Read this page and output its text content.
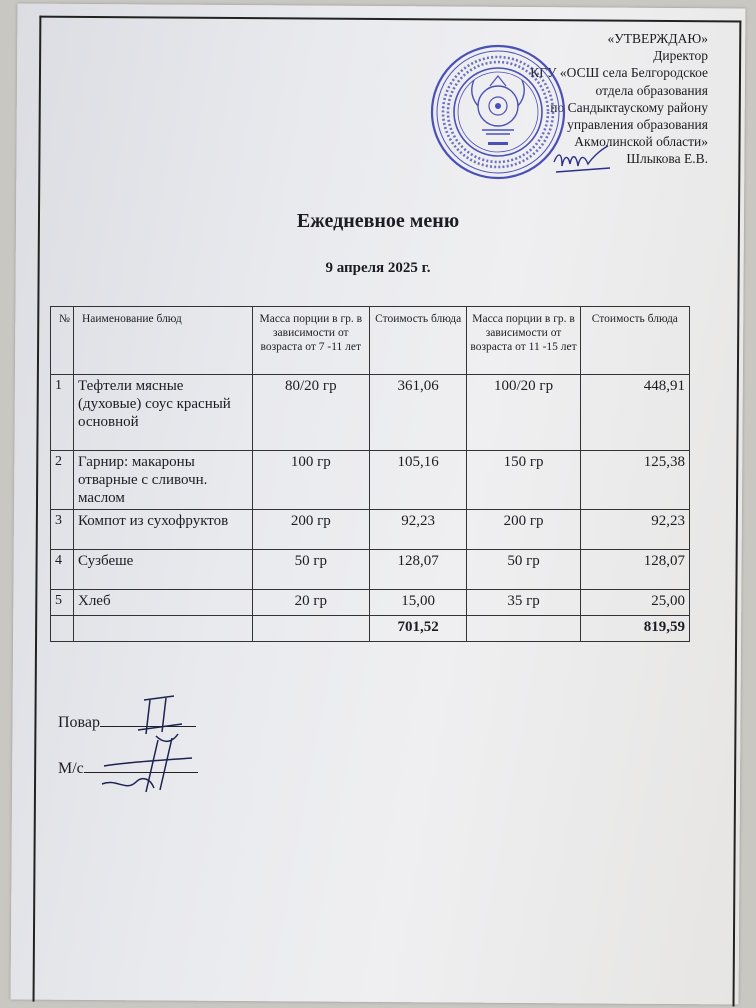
«УТВЕРЖДАЮ»
Директор
КГУ «ОСШ села Белгородское
отдела образования
по Сандыктаускому району
управления образования
Акмолинской области»
Шлыкова Е.В.
Ежедневное меню
9 апреля 2025 г.
№	Наименование блюд	Масса порции в гр. в зависимости от возраста от 7 -11 лет	Стоимость блюда	Масса порции в гр. в зависимости от возраста от 11 -15 лет	Стоимость блюда
1	Тефтели мясные (духовые) соус красный основной	80/20 гр	361,06	100/20 гр	448,91
2	Гарнир: макароны отварные с сливочн. маслом	100 гр	105,16	150 гр	125,38
3	Компот из сухофруктов	200 гр	92,23	200 гр	92,23
4	Сузбеше	50 гр	128,07	50 гр	128,07
5	Хлеб	20 гр	15,00	35 гр	25,00
			701,52		819,59
Повар
М/с
